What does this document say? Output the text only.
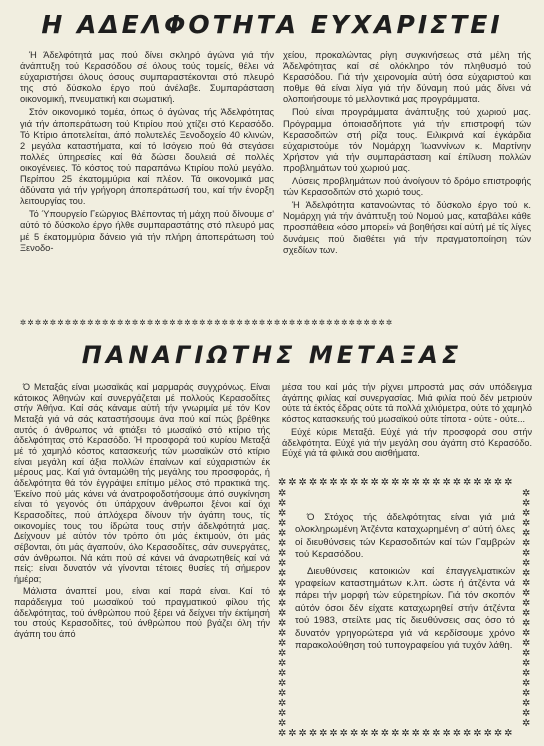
Η ΑΔΕΛΦΟΤΗΤΑ ΕΥΧΑΡΙΣΤΕΙ

Ή Άδελφότητά μας πού δίνει σκληρό άγώνα γιά τήν άνάπτυξη τού Κερασόδου σέ όλους τούς τομείς, θέλει νά εύχαριστήσει όλους όσους συμπαραστέκονται στό πλευρό της στό δύσκολο έργο πού άνέλαβε. Συμπαράσταση οικονομική, πνευματική και σωματική.

Στόν οικονομικό τομέα, όπως ό άγώνας τής Άδελφότητας γιά τήν άποπεράτωση τού Κτιρίου πού χτίζει στό Κερασόδο. Τό Κτίριο άποτελείται, άπό πολυτελές Ξενοδοχείο 40 κλινών, 2 μεγάλα καταστήματα, καί τό Ισόγειο πού θά στεγάσει πολλές ύπηρεσίες καί θά δώσει δουλειά σέ πολλές οικογένειες. Τό κόστος τού παραπάνω Κτιρίου πολύ μεγάλο. Περίπου 25 έκατομμύρια καί πλέον. Τά οικονομικά μας άδύνατα γιά τήν γρήγορη άποπεράτωσή του, καί τήν ένορξη λειτουργίας του.

Τό Ύπουργείο Γεώργιος Βλέποντας τή μάχη πού δίνουμε σ' αύτό τό δύσκολο έργο ήλθε συμπαραστάτης στό πλευρό μας μέ 5 έκατομμύρια δάνειο γιά τήν πλήρη άποπεράτωση τού Ξενοδο-

χείου, προκαλώντας ρίγη συγκινήσεως στά μέλη τής Άδελφότητας καί σέ ολόκληρο τόν πληθυσμό τού Κερασόδου. Γιά τήν χειρονομία αύτή όσα εύχαριστού και ποθμε θά είναι λίγα γιά τήν δύναμη πού μάς δίνει νά ολοποιήσουμε τό μελλοντικά μας προγράμματα.

Πού είναι προγράμματα άνάπτυξης τού χωριού μας. Πρόγραμμα όποιασδήποτε γιά τήν επιστροφή τών Κερασοδιτών στή ρίζα τους. Ειλικρινά καί έγκάρδια εύχαριστούμε τόν Νομάρχη Ίωαννίνων κ. Μαρτίνην Χρήστον γιά τήν συμπαράσταση καί έπίλυση πολλών προβλημάτων τού χωριού μας.

Λύσεις προβλημάτων πού άνοίγουν τό δρόμο επιστροφής τών Κερασοδιτών στό χωριό τους.

Ή Άδελφότητα κατανοώντας τό δύσκολο έργο τού κ. Νομάρχη γιά τήν άνάπτυξη τού Νομού μας, καταβάλει κάθε προσπάθεια «όσο μπορεί» νά βοηθήσει καί αύτή μέ τίς λίγες δυνάμεις πού διαθέτει γιά τήν πραγματοποίηση τών σχεδίων των.

✲✲✲✲✲✲✲✲✲✲✲✲✲✲✲✲✲✲✲✲✲✲✲✲✲✲✲✲✲✲✲✲✲✲✲✲✲✲✲✲✲✲✲✲✲✲✲✲✲✲
ΠΑΝΑΓΙΩΤΗΣ ΜΕΤΑΞΑΣ

Ό Μεταξάς είναι μωσαϊκάς καί μαρμαράς συγχρόνως. Είναι κάτοικος Άθηνών καί συνεργάζεται μέ πολλούς Κερασοδίτες στήν Άθήνα. Καί σάς κάναμε αύτή τήν γνωριμία μέ τόν Κον Μεταξά γιά νά σάς καταστήσουμε άνα πού καί πώς βρέθηκε αυτός ό άνθρωπος νά φτιάξει τό μωσαϊκό στό κτίριο τής άδελφότητας στό Κερασόδο. Ή προσφορά τού κυρίου Μεταξά μέ τό χαμηλό κόστος κατασκευής τών μωσαϊκών στό κτίριο είναι μεγάλη καί άξια πολλών έπαίνων καί εύχαριστιών έκ μέρους μας. Καί γιά όνταμώθη τής μεγάλης του προσφοράς, ή άδελφότητα θά τόν έγγράψει επίτιμο μέλος στό πρακτικά της. Έκείνο πού μάς κάνει νά άνατροφοδοτήσουμε άπό συγκίνηση είναι τό γεγονός ότι ύπάρχουν άνθρωποι ξένοι καί όχι Κερασοδίτες, πού άπλόχερα δίνουν τήν άγάπη τους, τίς οικονομίες τους του ίδρώτα τους στήν άδελφότητά μας. Δείχνουν μέ αύτόν τόν τρόπο ότι μάς έκτιμούν, ότι μάς σέβονται, ότι μάς άγαπούν, όλο Κερασοδίτες, σάν συνεργάτες, σάν άνθρωποι. Νά κάτι πού σέ κάνει νά άναρωτηθείς καί νά πείς: είναι δυνατόν νά γίνονται τέτοιες θυσίες τή σήμερον ήμέρα;

Μάλιστα άναπτεί μου, είναι καί παρά είναι. Καί τό παράδειγμα τού μωσαϊκού τού πραγματικού φίλου τής άδελφότητας, τού άνθρώπου πού ξέρει νά δείχνει τήν έκτίμησή του στούς Κερασοδίτες, τού άνθρώπου πού βγάζει όλη τήν άγάπη του άπό

μέσα του καί μάς τήν ρίχνει μπροστά μας σάν υπόδειγμα άγάπης φιλίας καί συνεργασίας. Μιά φιλία πού δέν μετριούν ούτε τά έκτός έδρας ούτε τά πολλά χιλιόμετρα, ούτε τό χαμηλό κόστος κατασκευής τού μωσαϊκού ούτε τίποτα - ούτε - ούτε...

Εύχέ κύριε Μεταξά. Εύχέ γιά τήν προσφορά σου στήν άδελφότητα. Εύχέ γιά τήν μεγάλη σου άγάπη στό Κερασόδο. Εύχέ γιά τά φιλικά σου αισθήματα.

✲✲✲✲✲✲✲✲✲✲✲✲✲✲✲✲✲✲✲✲✲✲✲
✲✲✲✲✲✲✲✲✲✲✲✲✲✲✲✲✲✲✲✲✲✲✲✲
✲✲✲✲✲✲✲✲✲✲✲✲✲✲✲✲✲✲✲✲✲✲✲✲
✲✲✲✲✲✲✲✲✲✲✲✲✲✲✲✲✲✲✲✲✲✲✲

Ό Στόχος τής άδελφότητας είναι γιά μιά ολοκληρωμένη Άτζέντα καταχωρημένη σ' αύτή όλες οί διευθύνσεις τών Κερασοδιτών καί τών Γαμβρών τού Κερασόδου.

Διευθύνσεις κατοικιών καί έπαγγελματικών γραφείων καταστημάτων κ.λπ. ώστε ή άτζέντα νά πάρει τήν μορφή τών εύρετηρίων. Γιά τόν σκοπόν αύτόν όσοι δέν είχατε καταχωρηθεί στήν άτζέντα τού 1983, στείλτε μας τίς διευθύνσεις σας όσο τό δυνατόν γρηγορώτερα γιά νά κερδίσουμε χρόνο παρακολούθηση τού τυπογραφείου γιά τυχόν λάθη.
